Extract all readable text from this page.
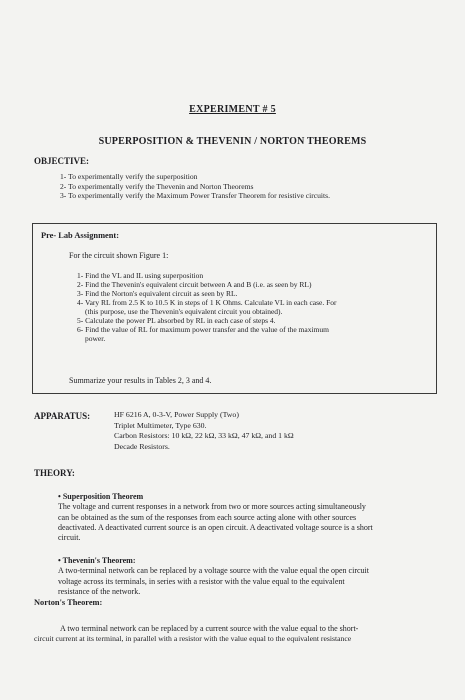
EXPERIMENT # 5
SUPERPOSITION & THEVENIN / NORTON THEOREMS
OBJECTIVE:
1- To experimentally verify the superposition
2- To experimentally verify the Thevenin and Norton Theorems
3- To experimentally verify the Maximum Power Transfer Theorem for resistive circuits.
Pre- Lab Assignment:
For the circuit shown Figure 1:
1- Find the VL and IL using superposition
2- Find the Thevenin's equivalent circuit between A and B (i.e. as seen by RL)
3- Find the Norton's equivalent circuit as seen by RL.
4- Vary RL from 2.5 K to 10.5 K in steps of 1 K Ohms. Calculate VL in each case. For
(this purpose, use the Thevenin's equivalent circuit you obtained).
5- Calculate the power PL absorbed by RL in each case of steps 4.
6- Find the value of RL for maximum power transfer and the value of the maximum
power.
Summarize your results in Tables 2, 3 and 4.
APPARATUS:	HF 6216 A, 0-3-V, Power Supply (Two)
Triplet Multimeter, Type 630.
Carbon Resistors: 10 kΩ, 22 kΩ, 33 kΩ, 47 kΩ, and 1 kΩ
Decade Resistors.
THEORY:
• Superposition Theorem
The voltage and current responses in a network from two or more sources acting simultaneously
can be obtained as the sum of the responses from each source acting alone with other sources
deactivated. A deactivated current source is an open circuit. A deactivated voltage source is a short
circuit.
• Thevenin's Theorem:
A two-terminal network can be replaced by a voltage source with the value equal the open circuit
voltage across its terminals, in series with a resistor with the value equal to the equivalent
resistance of the network.
Norton's Theorem:
A two terminal network can be replaced by a current source with the value equal to the short-
circuit current at its terminal, in parallel with a resistor with the value equal to the equivalent resistance
